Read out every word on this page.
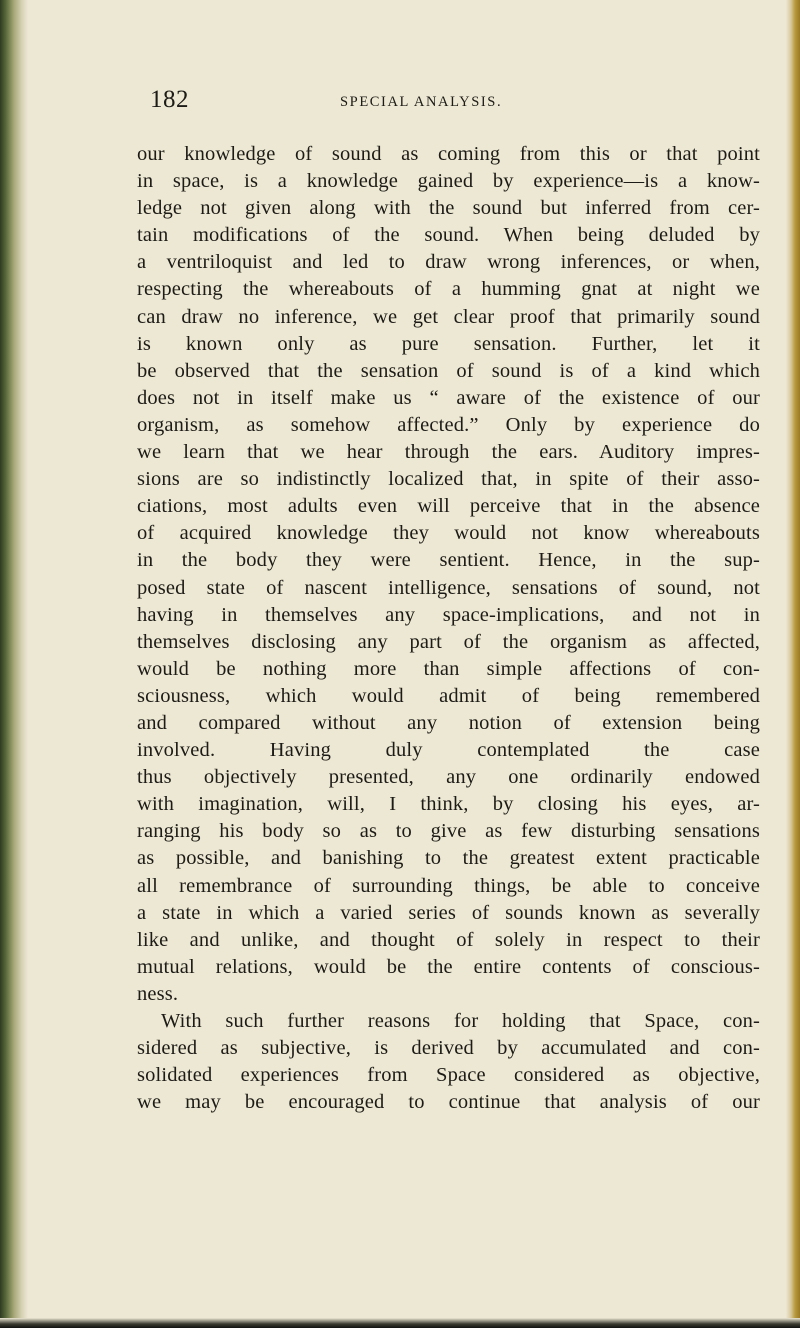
182	SPECIAL ANALYSIS.
our knowledge of sound as coming from this or that point
in space, is a knowledge gained by experience—is a know-
ledge not given along with the sound but inferred from cer-
tain modifications of the sound. When being deluded by
a ventriloquist and led to draw wrong inferences, or when,
respecting the whereabouts of a humming gnat at night we
can draw no inference, we get clear proof that primarily sound
is known only as pure sensation. Further, let it
be observed that the sensation of sound is of a kind which
does not in itself make us “ aware of the existence of our
organism, as somehow affected.” Only by experience do
we learn that we hear through the ears. Auditory impres-
sions are so indistinctly localized that, in spite of their asso-
ciations, most adults even will perceive that in the absence
of acquired knowledge they would not know whereabouts
in the body they were sentient. Hence, in the sup-
posed state of nascent intelligence, sensations of sound, not
having in themselves any space-implications, and not in
themselves disclosing any part of the organism as affected,
would be nothing more than simple affections of con-
sciousness, which would admit of being remembered
and compared without any notion of extension being
involved. Having duly contemplated the case
thus objectively presented, any one ordinarily endowed
with imagination, will, I think, by closing his eyes, ar-
ranging his body so as to give as few disturbing sensations
as possible, and banishing to the greatest extent practicable
all remembrance of surrounding things, be able to conceive
a state in which a varied series of sounds known as severally
like and unlike, and thought of solely in respect to their
mutual relations, would be the entire contents of conscious-
ness.
With such further reasons for holding that Space, con-
sidered as subjective, is derived by accumulated and con-
solidated experiences from Space considered as objective,
we may be encouraged to continue that analysis of our
